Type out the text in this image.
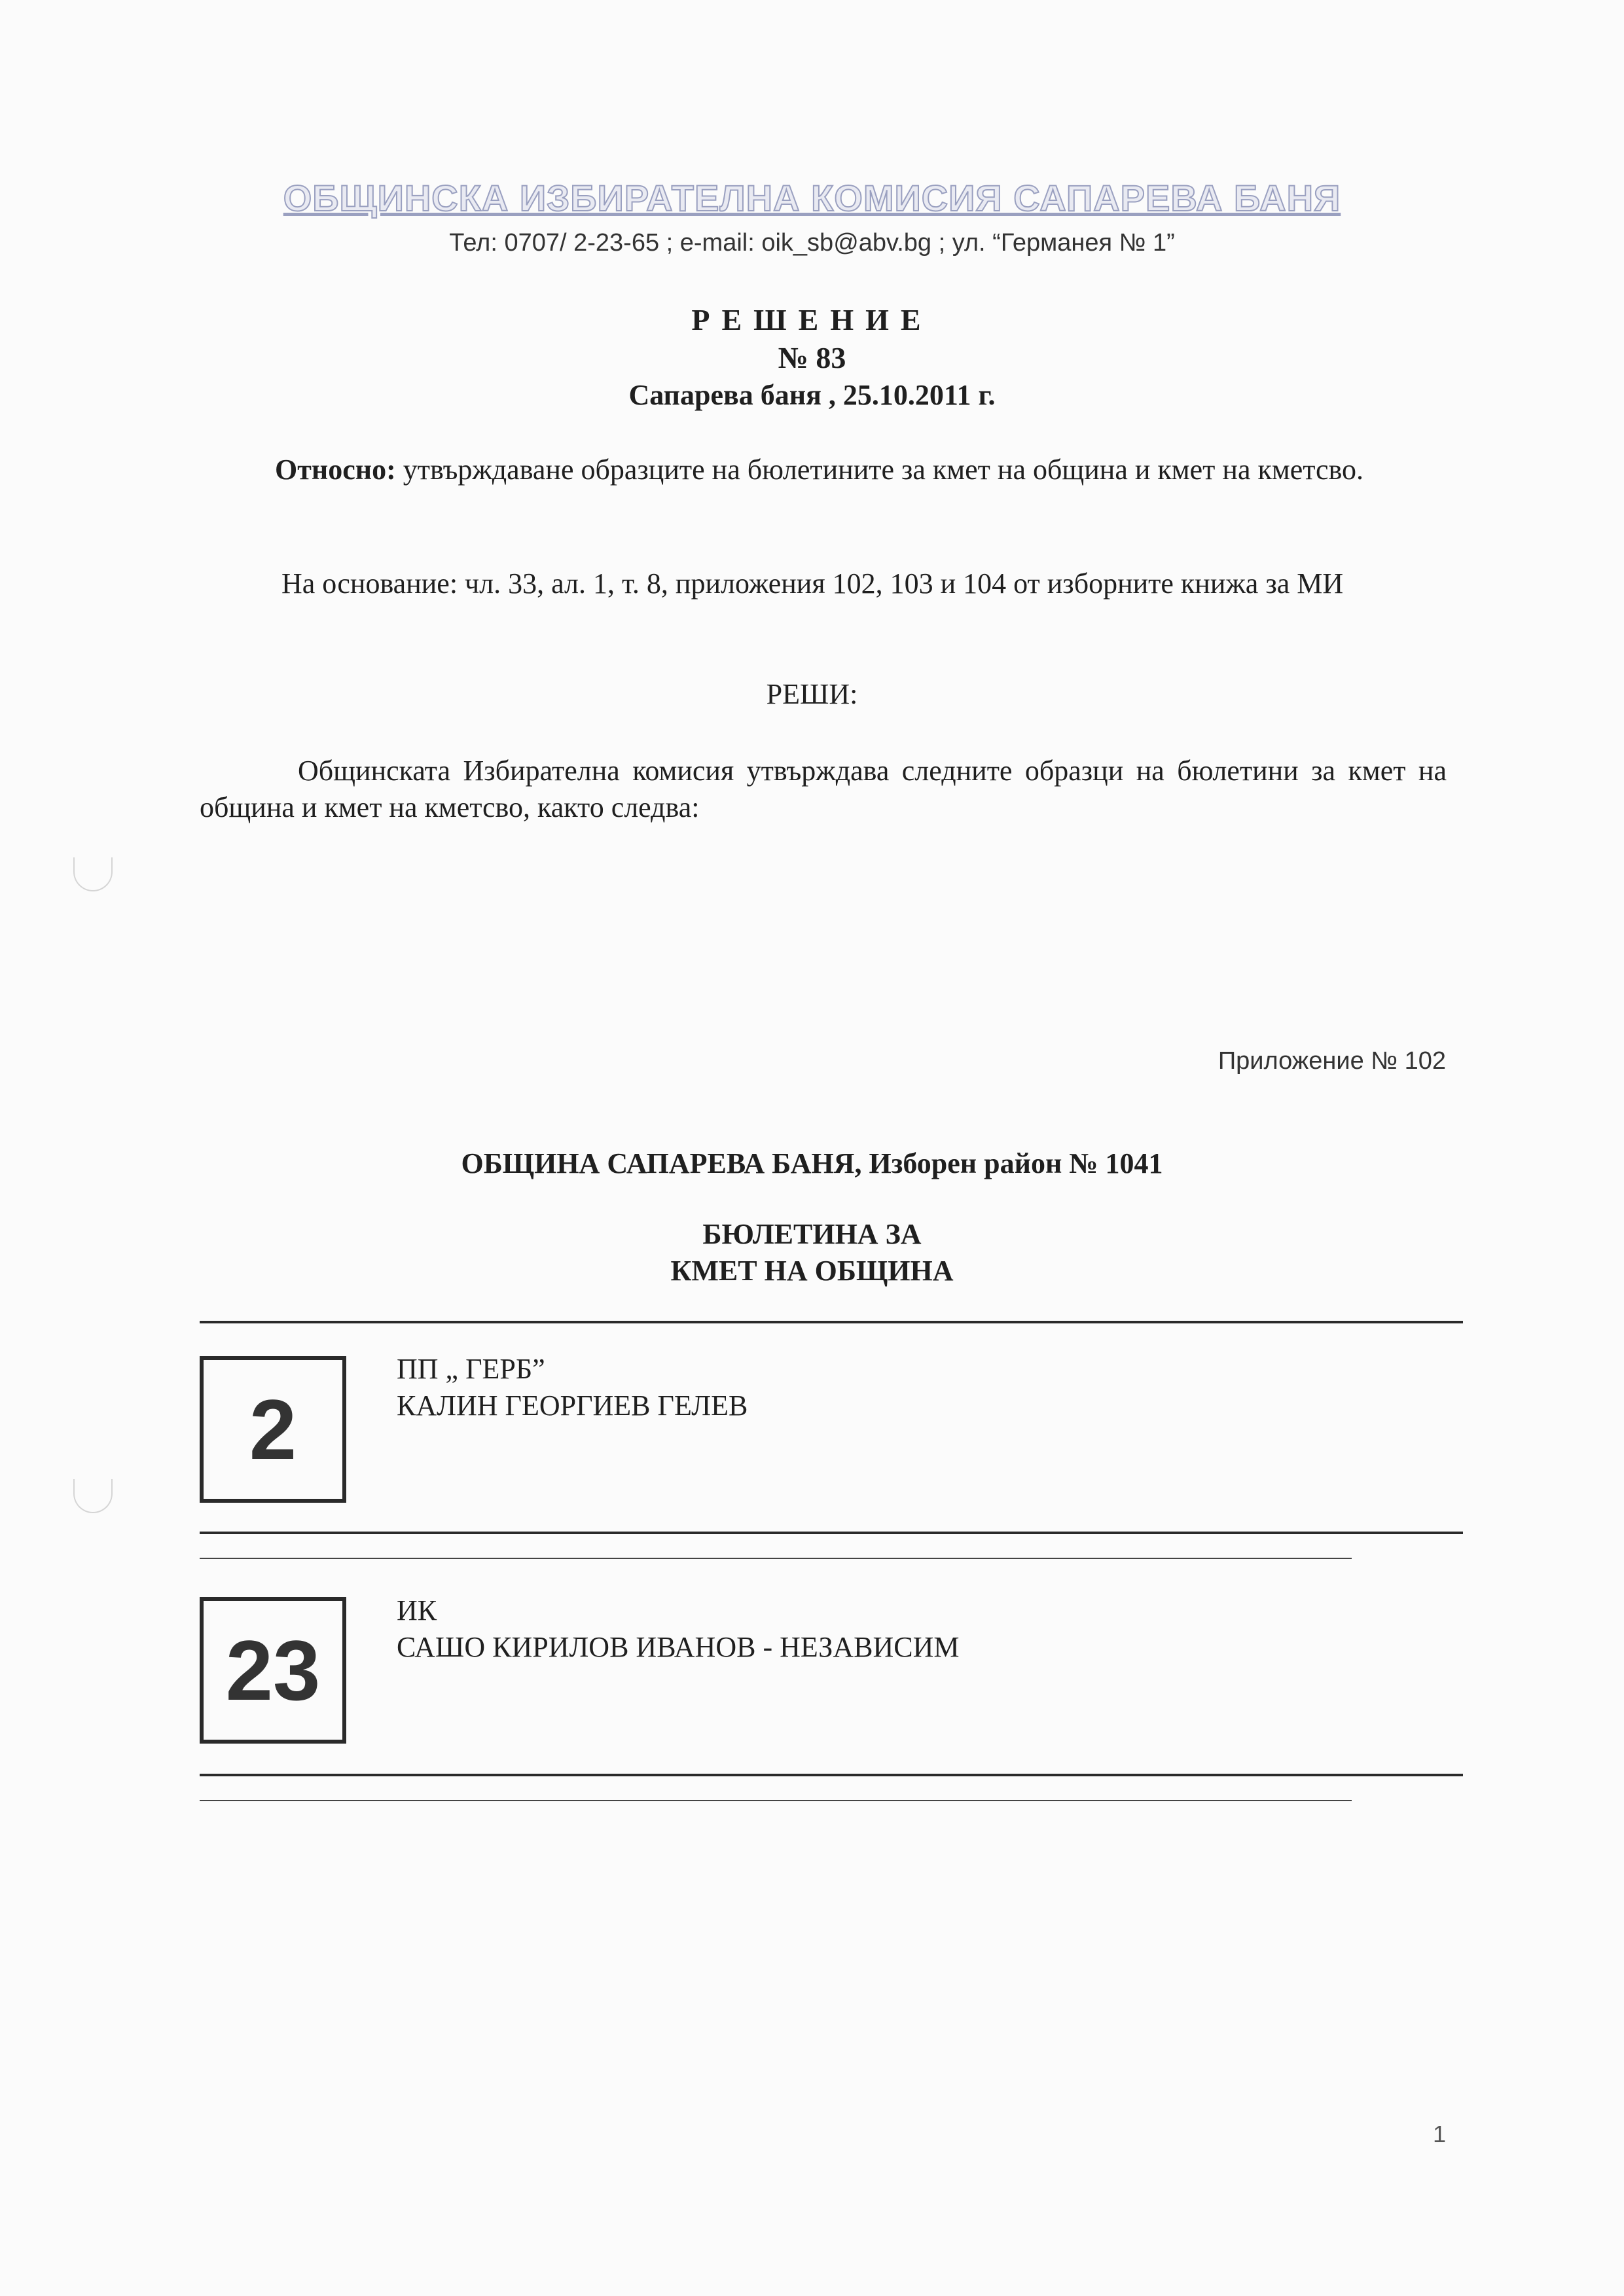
ОБЩИНСКА ИЗБИРАТЕЛНА КОМИСИЯ САПАРЕВА БАНЯ
Тел: 0707/ 2-23-65 ; e-mail: oik_sb@abv.bg ; ул. “Германея № 1”
РЕШЕНИЕ
№ 83
Сапарева баня , 25.10.2011 г.
Относно: утвърждаване образците на бюлетините за кмет на община и кмет на кметсво.
На основание: чл. 33, ал. 1, т. 8, приложения 102, 103 и 104 от изборните книжа за МИ
РЕШИ:
Общинската Избирателна комисия утвърждава следните образци на бюлетини за кмет на община и кмет на кметсво, както следва:
Приложение № 102
ОБЩИНА САПАРЕВА БАНЯ, Изборен район № 1041
БЮЛЕТИНА ЗА
КМЕТ НА ОБЩИНА
2
ПП „ ГЕРБ”
КАЛИН ГЕОРГИЕВ ГЕЛЕВ
23
ИК
САШО КИРИЛОВ ИВАНОВ - НЕЗАВИСИМ
1
